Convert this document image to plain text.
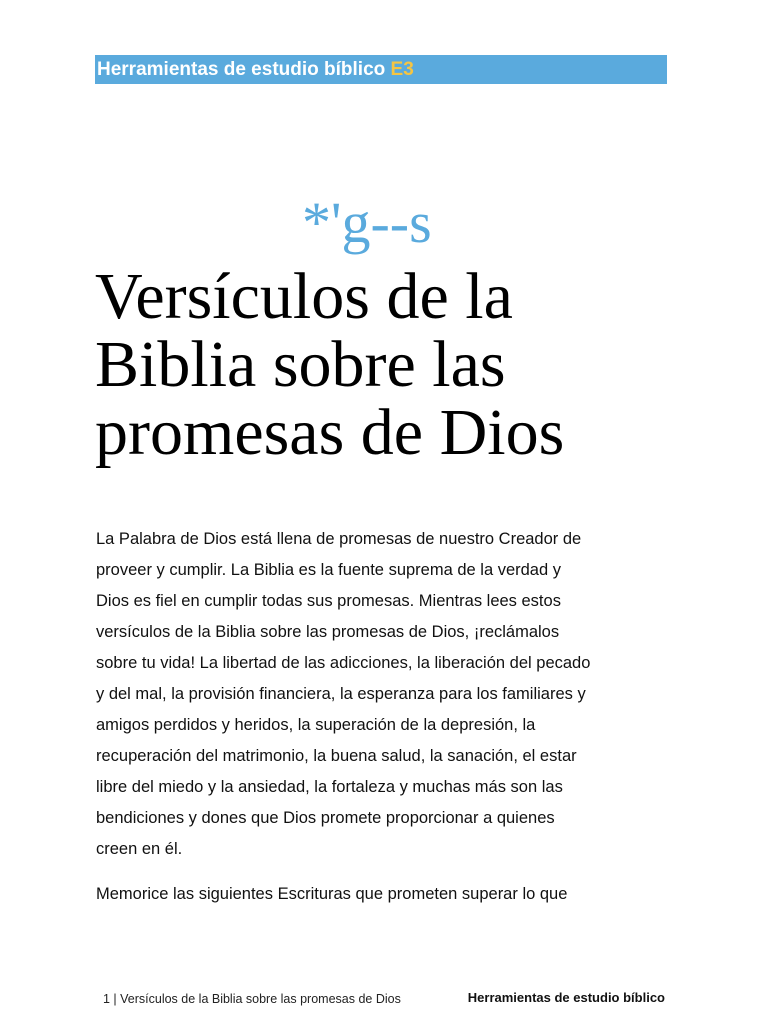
Herramientas de estudio bíblico E3
*'g--s
Versículos de la
Biblia sobre las
promesas de Dios
La Palabra de Dios está llena de promesas de nuestro Creador de
proveer y cumplir. La Biblia es la fuente suprema de la verdad y
Dios es fiel en cumplir todas sus promesas. Mientras lees estos
versículos de la Biblia sobre las promesas de Dios, ¡reclámalos
sobre tu vida! La libertad de las adicciones, la liberación del pecado
y del mal, la provisión financiera, la esperanza para los familiares y
amigos perdidos y heridos, la superación de la depresión, la
recuperación del matrimonio, la buena salud, la sanación, el estar
libre del miedo y la ansiedad, la fortaleza y muchas más son las
bendiciones y dones que Dios promete proporcionar a quienes
creen en él.
Memorice las siguientes Escrituras que prometen superar lo que
1 | Versículos de la Biblia sobre las promesas de Dios	Herramientas de estudio bíblico
